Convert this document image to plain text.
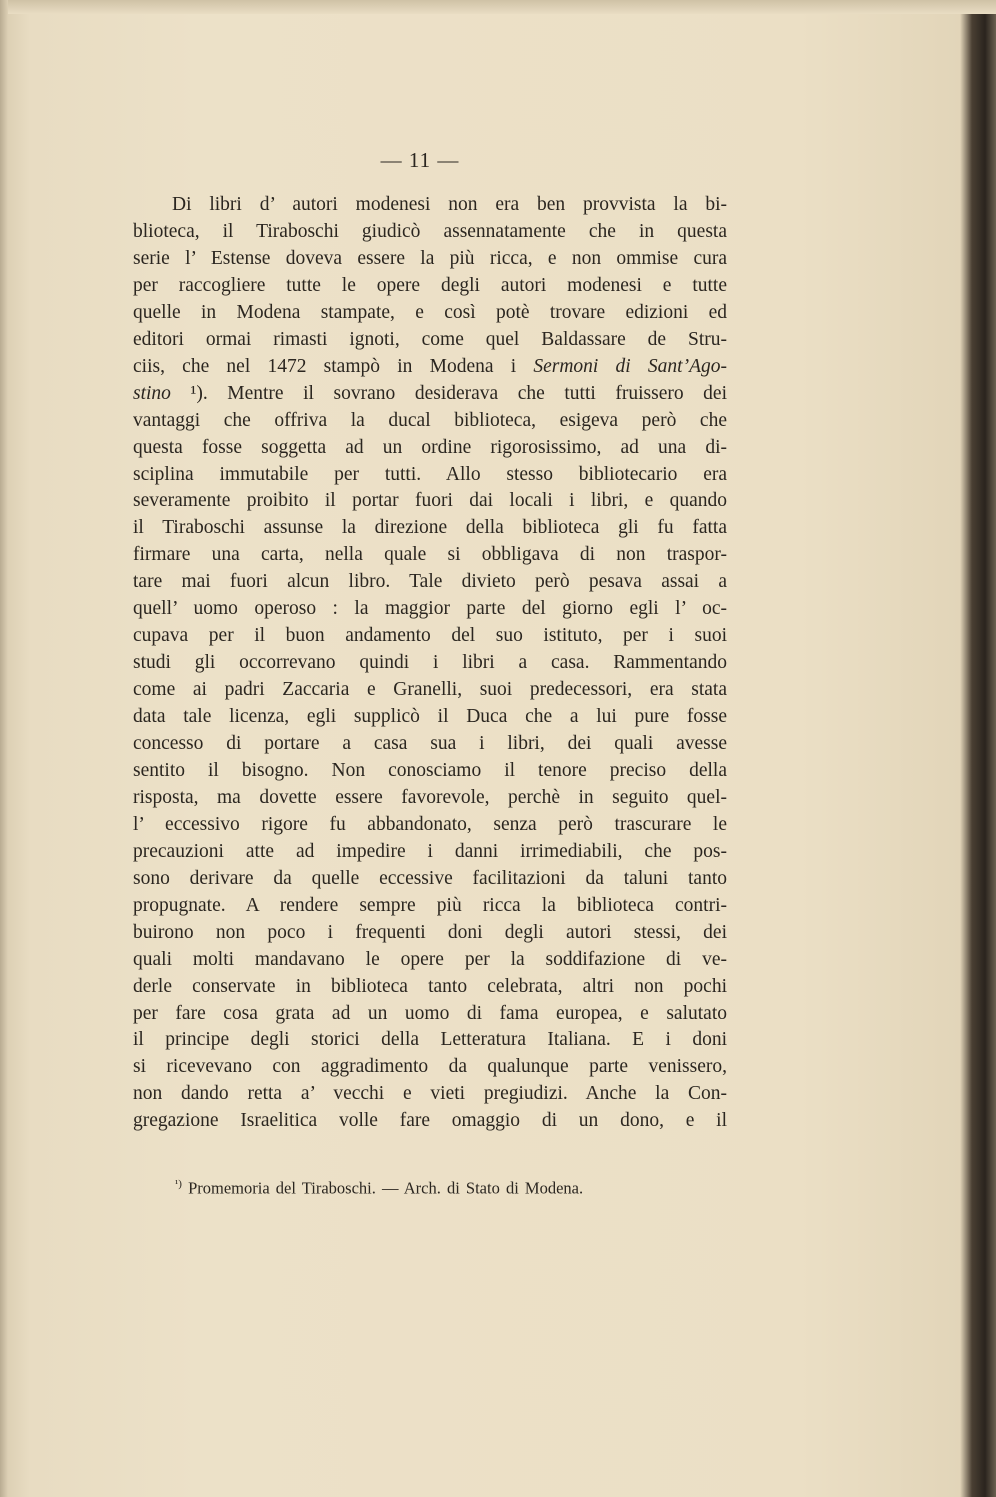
— 11 —
Di libri d’ autori modenesi non era ben provvista la bi-
blioteca, il Tiraboschi giudicò assennatamente che in questa
serie l’ Estense doveva essere la più ricca, e non ommise cura
per raccogliere tutte le opere degli autori modenesi e tutte
quelle in Modena stampate, e così potè trovare edizioni ed
editori ormai rimasti ignoti, come quel Baldassare de Stru-
ciis, che nel 1472 stampò in Modena i Sermoni di Sant’Ago-
stino ¹). Mentre il sovrano desiderava che tutti fruissero dei
vantaggi che offriva la ducal biblioteca, esigeva però che
questa fosse soggetta ad un ordine rigorosissimo, ad una di-
sciplina immutabile per tutti. Allo stesso bibliotecario era
severamente proibito il portar fuori dai locali i libri, e quando
il Tiraboschi assunse la direzione della biblioteca gli fu fatta
firmare una carta, nella quale si obbligava di non traspor-
tare mai fuori alcun libro. Tale divieto però pesava assai a
quell’ uomo operoso : la maggior parte del giorno egli l’ oc-
cupava per il buon andamento del suo istituto, per i suoi
studi gli occorrevano quindi i libri a casa. Rammentando
come ai padri Zaccaria e Granelli, suoi predecessori, era stata
data tale licenza, egli supplicò il Duca che a lui pure fosse
concesso di portare a casa sua i libri, dei quali avesse
sentito il bisogno. Non conosciamo il tenore preciso della
risposta, ma dovette essere favorevole, perchè in seguito quel-
l’ eccessivo rigore fu abbandonato, senza però trascurare le
precauzioni atte ad impedire i danni irrimediabili, che pos-
sono derivare da quelle eccessive facilitazioni da taluni tanto
propugnate. A rendere sempre più ricca la biblioteca contri-
buirono non poco i frequenti doni degli autori stessi, dei
quali molti mandavano le opere per la soddifazione di ve-
derle conservate in biblioteca tanto celebrata, altri non pochi
per fare cosa grata ad un uomo di fama europea, e salutato
il principe degli storici della Letteratura Italiana. E i doni
si ricevevano con aggradimento da qualunque parte venissero,
non dando retta a’ vecchi e vieti pregiudizi. Anche la Con-
gregazione Israelitica volle fare omaggio di un dono, e il
$^{^1)}$ Promemoria del Tiraboschi. — Arch. di Stato di Modena.
